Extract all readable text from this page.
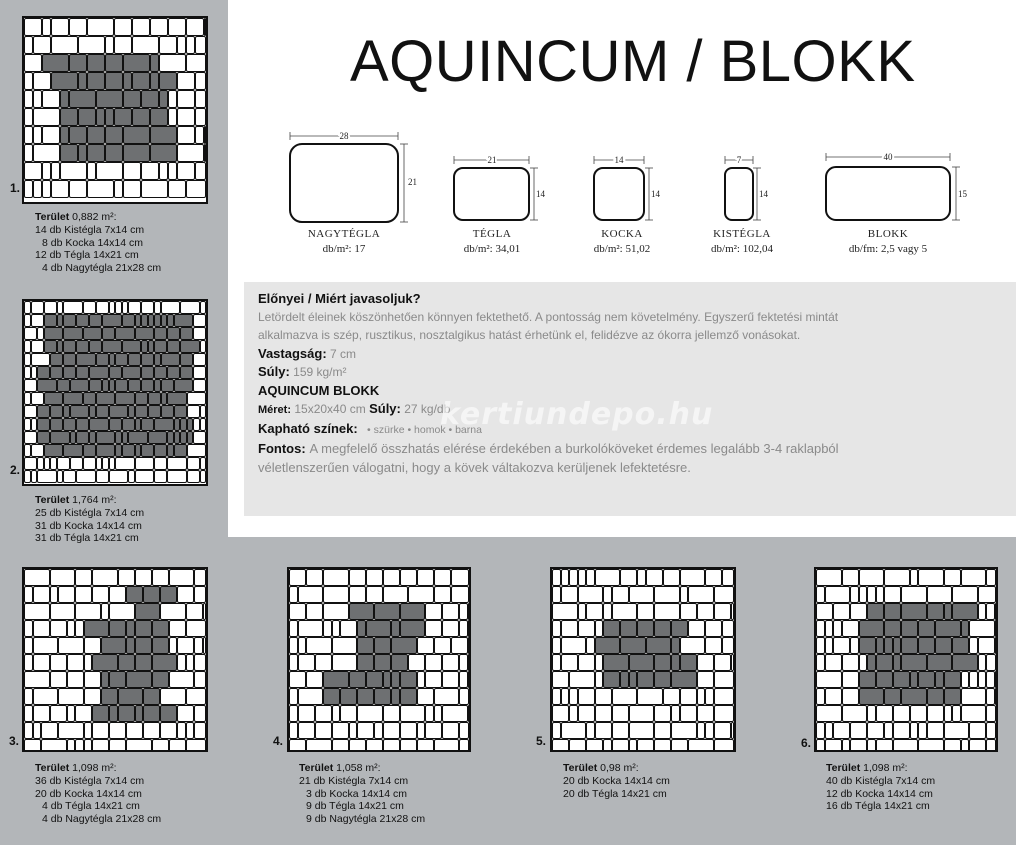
AQUINCUM / BLOKK
1.
2.
3.	4.	5.	6.
Terület 0,882 m²:
14 db Kistégla 7x14 cm
8 db Kocka 14x14 cm
12 db Tégla 14x21 cm
4 db Nagytégla 21x28 cm
Terület 1,764 m²:
25 db Kistégla 7x14 cm
31 db Kocka 14x14 cm
31 db Tégla 14x21 cm
Terület 1,098 m²:
36 db Kistégla 7x14 cm
20 db Kocka 14x14 cm
4 db Tégla 14x21 cm
4 db Nagytégla 21x28 cm
Terület 1,058 m²:
21 db Kistégla 7x14 cm
3 db Kocka 14x14 cm
9 db Tégla 14x21 cm
9 db Nagytégla 21x28 cm
Terület 0,98 m²:
20 db Kocka 14x14 cm
20 db Tégla 14x21 cm
Terület 1,098 m²:
40 db Kistégla 7x14 cm
12 db Kocka 14x14 cm
16 db Tégla 14x21 cm
28
21
NAGYTÉGLA
db/m²: 17
21
14
TÉGLA
db/m²: 34,01
14
14
KOCKA
db/m²: 51,02
7
14
KISTÉGLA
db/m²: 102,04
40
15
BLOKK
db/fm: 2,5 vagy 5
Előnyei / Miért javasoljuk?
Letördelt éleinek köszönhetően könnyen fektethető. A pontosság nem követelmény. Egyszerű fektetési mintát
alkalmazva is szép, rusztikus, nosztalgikus hatást érhetünk el, felidézve az ókorra jellemző vonásokat.
Vastagság: 7 cm
Súly: 159 kg/m²
AQUINCUM BLOKK
Méret: 15x20x40 cm Súly: 27 kg/db
Kapható színek: • szürke • homok • barna
Fontos: A megfelelő összhatás elérése érdekében a burkolóköveket érdemes legalább 3-4 raklapból
véletlenszerűen válogatni, hogy a kövek váltakozva kerüljenek lefektetésre.
kertiundepo.hu
